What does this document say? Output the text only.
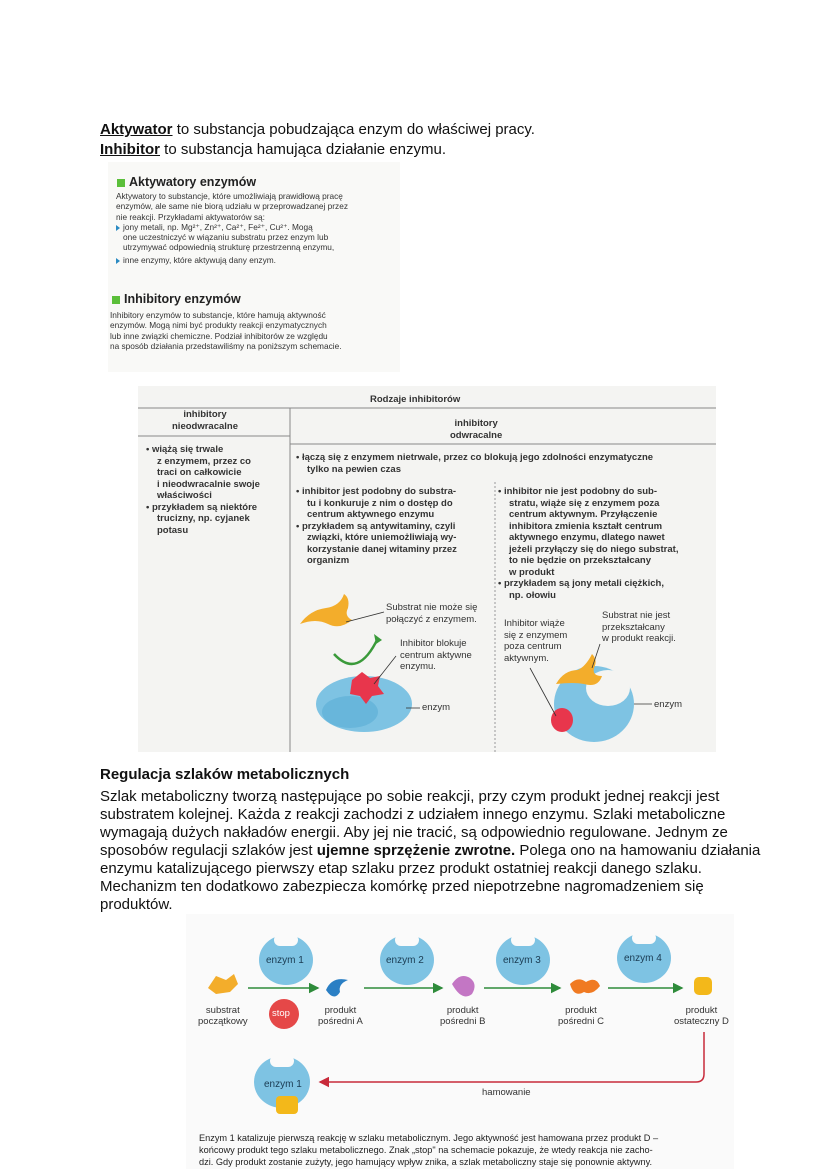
Aktywator to substancja pobudzająca enzym do właściwej pracy.
Inhibitor to substancja hamująca działanie enzymu.
Aktywatory enzymów
Aktywatory to substancje, które umożliwiają prawidłową pracę
enzymów, ale same nie biorą udziału w przeprowadzanej przez
nie reakcji. Przykładami aktywatorów są:
jony metali, np. Mg²⁺, Zn²⁺, Ca²⁺, Fe²⁺, Cu²⁺. Mogą
one uczestniczyć w wiązaniu substratu przez enzym lub
utrzymywać odpowiednią strukturę przestrzenną enzymu,
inne enzymy, które aktywują dany enzym.
Inhibitory enzymów
Inhibitory enzymów to substancje, które hamują aktywność
enzymów. Mogą nimi być produkty reakcji enzymatycznych
lub inne związki chemiczne. Podział inhibitorów ze względu
na sposób działania przedstawiliśmy na poniższym schemacie.
Rodzaje inhibitorów
inhibitory
nieodwracalne	inhibitory
odwracalne
• wiążą się trwale
z enzymem, przez co
traci on całkowicie
i nieodwracalnie swoje
właściwości
• przykładem są niektóre
trucizny, np. cyjanek
potasu
• łączą się z enzymem nietrwale, przez co blokują jego zdolności enzymatyczne
tylko na pewien czas
• inhibitor jest podobny do substra-
tu i konkuruje z nim o dostęp do
centrum aktywnego enzymu
• przykładem są antywitaminy, czyli
związki, które uniemożliwiają wy-
korzystanie danej witaminy przez
organizm
• inhibitor nie jest podobny do sub-
stratu, wiąże się z enzymem poza
centrum aktywnym. Przyłączenie
inhibitora zmienia kształt centrum
aktywnego enzymu, dlatego nawet
jeżeli przyłączy się do niego substrat,
to nie będzie on przekształcany
w produkt
• przykładem są jony metali ciężkich,
np. ołowiu
Substrat nie może się
połączyć z enzymem.
Inhibitor blokuje
centrum aktywne
enzymu.
enzym
Inhibitor wiąże
się z enzymem
poza centrum
aktywnym.
Substrat nie jest
przekształcany
w produkt reakcji.
enzym
Regulacja szlaków metabolicznych
Szlak metaboliczny tworzą następujące po sobie reakcji, przy czym produkt jednej reakcji jest
substratem kolejnej. Każda z reakcji zachodzi z udziałem innego enzymu. Szlaki metaboliczne
wymagają dużych nakładów energii. Aby jej nie tracić, są odpowiednio regulowane. Jednym ze
sposobów regulacji szlaków jest ujemne sprzężenie zwrotne. Polega ono na hamowaniu działania
enzymu katalizującego pierwszy etap szlaku przez produkt ostatniej reakcji danego szlaku.
Mechanizm ten dodatkowo zabezpiecza komórkę przed niepotrzebne nagromadzeniem się
produktów.
enzym 1	enzym 2	enzym 3	enzym 4
stop
substrat
początkowy
produkt
pośredni A
produkt
pośredni B
produkt
pośredni C
produkt
ostateczny D
enzym 1
hamowanie
Enzym 1 katalizuje pierwszą reakcję w szlaku metabolicznym. Jego aktywność jest hamowana przez produkt D –
końcowy produkt tego szlaku metabolicznego. Znak „stop" na schemacie pokazuje, że wtedy reakcja nie zacho-
dzi. Gdy produkt zostanie zużyty, jego hamujący wpływ znika, a szlak metaboliczny staje się ponownie aktywny.
